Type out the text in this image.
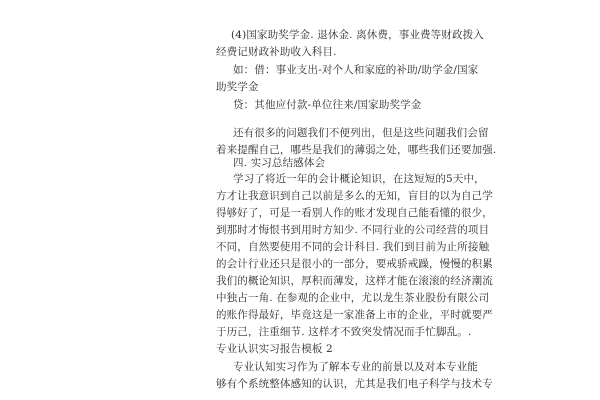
(4)国家助奖学金. 退休金. 离休费，事业费等财政拨入
经费记财政补助收入科目.
如：借：事业支出-对个人和家庭的补助/助学金/国家
助奖学金
贷：其他应付款-单位往来/国家助奖学金
还有很多的问题我们不便列出，但是这些问题我们会留
着来提醒自己，哪些是我们的薄弱之处，哪些我们还要加强.
四. 实习总结感体会
学习了将近一年的会计概论知识，在这短短的5天中，
方才让我意识到自己以前是多么的无知，盲目的以为自己学
得够好了，可是一看别人作的账才发现自己能看懂的很少，
到那时才悔恨书到用时方知少. 不同行业的公司经营的项目
不同，自然要使用不同的会计科目. 我们到目前为止所接触
的会计行业还只是很小的一部分，要戒骄戒躁，慢慢的积累
我们的概论知识，厚积而薄发，这样才能在滚滚的经济潮流
中独占一角. 在参观的企业中，尤以龙生茶业股份有限公司
的账作得最好，毕竟这是一家准备上市的企业，平时就要严
于历己，注重细节. 这样才不致突发情况而手忙脚乱。.
专业认识实习报告模板 2
专业认知实习作为了解本专业的前景以及对本专业能
够有个系统整体感知的认识，尤其是我们电子科学与技术专
